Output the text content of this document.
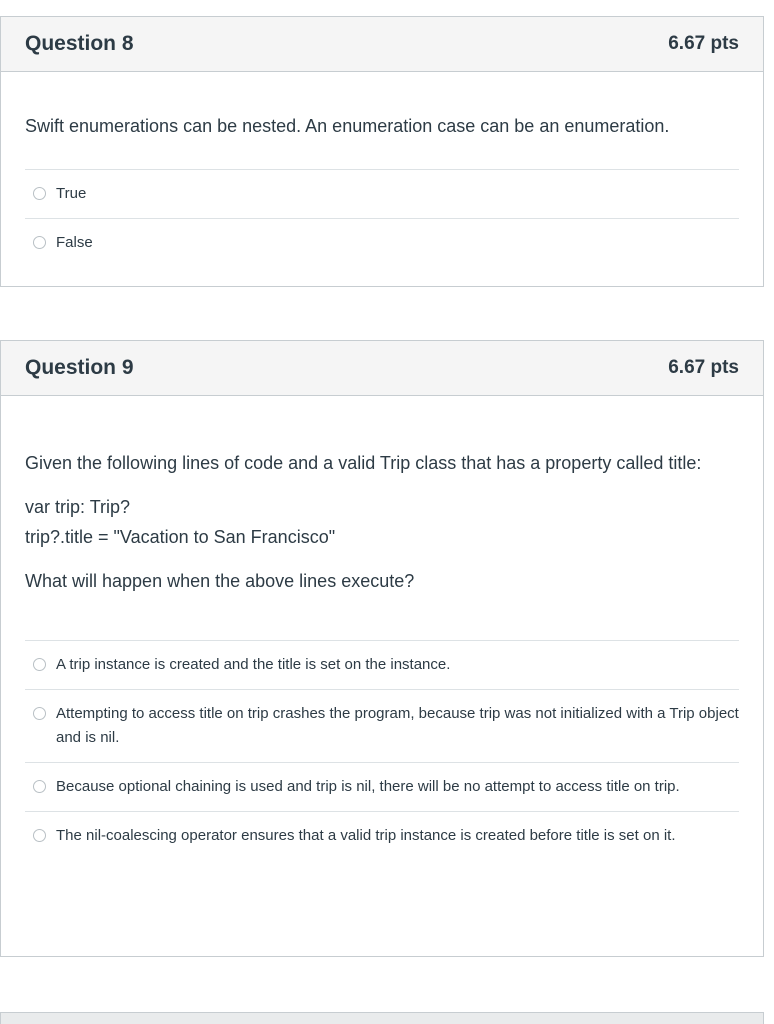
Question 8	6.67 pts

Swift enumerations can be nested. An enumeration case can be an enumeration.

True
False
Question 9	6.67 pts

Given the following lines of code and a valid Trip class that has a property called title:

var trip: Trip?

trip?.title = "Vacation to San Francisco"

What will happen when the above lines execute?

A trip instance is created and the title is set on the instance.
Attempting to access title on trip crashes the program, because trip was not initialized with a Trip object and is nil.
Because optional chaining is used and trip is nil, there will be no attempt to access title on trip.
The nil-coalescing operator ensures that a valid trip instance is created before title is set on it.
